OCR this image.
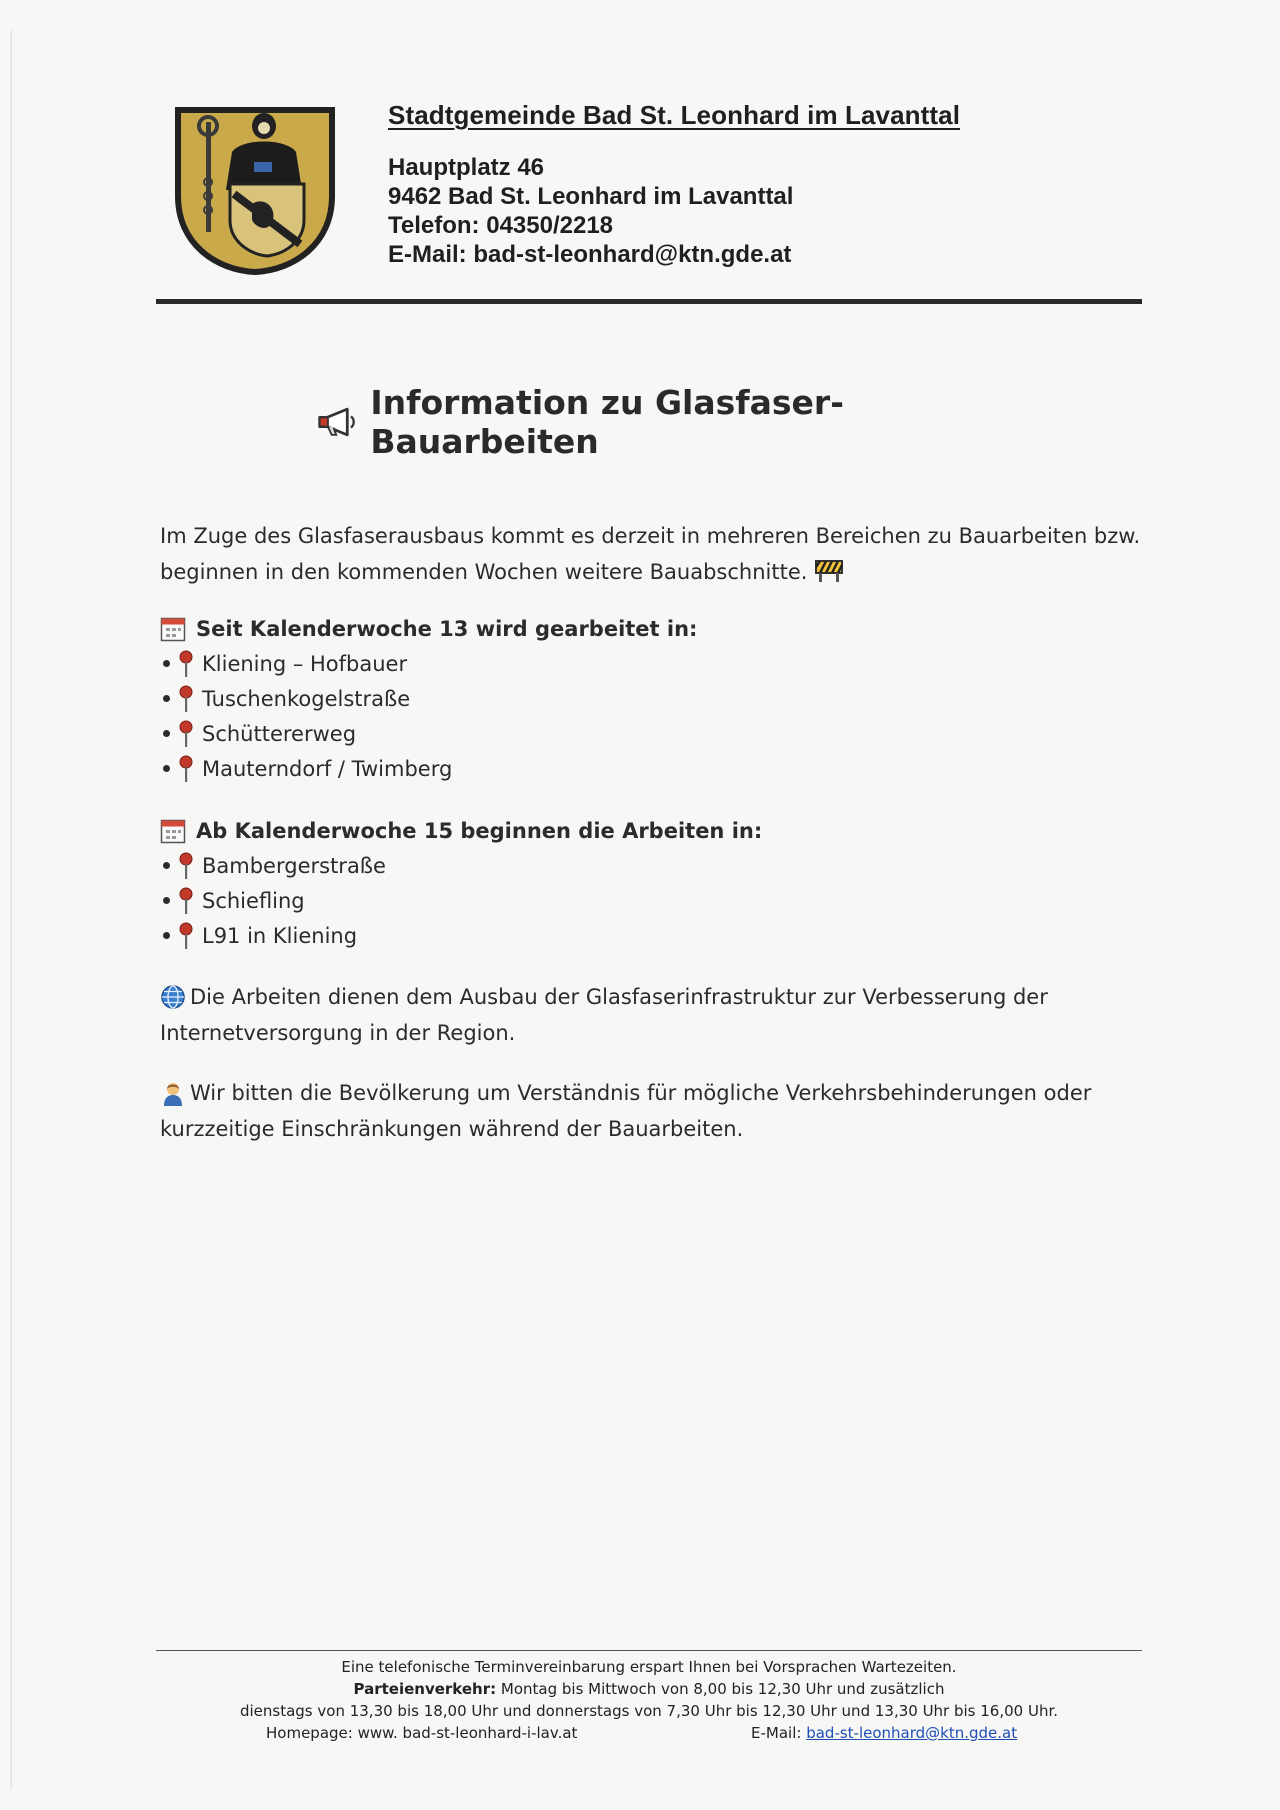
Stadtgemeinde Bad St. Leonhard im Lavanttal
Hauptplatz 46
9462 Bad St. Leonhard im Lavanttal
Telefon: 04350/2218
E-Mail: bad-st-leonhard@ktn.gde.at
Information zu Glasfaser-Bauarbeiten

Im Zuge des Glasfaserausbaus kommt es derzeit in mehreren Bereichen zu Bauarbeiten bzw.
beginnen in den kommenden Wochen weitere Bauabschnitte.

Seit Kalenderwoche 13 wird gearbeitet in:
Kliening – Hofbauer
Tuschenkogelstraße
Schüttererweg
Mauterndorf / Twimberg
Ab Kalenderwoche 15 beginnen die Arbeiten in:
Bambergerstraße
Schiefling
L91 in Kliening

Die Arbeiten dienen dem Ausbau der Glasfaserinfrastruktur zur Verbesserung der
Internetversorgung in der Region.

Wir bitten die Bevölkerung um Verständnis für mögliche Verkehrsbehinderungen oder
kurzzeitige Einschränkungen während der Bauarbeiten.

Eine telefonische Terminvereinbarung erspart Ihnen bei Vorsprachen Wartezeiten.
Parteienverkehr: Montag bis Mittwoch von 8,00 bis 12,30 Uhr und zusätzlich
dienstags von 13,30 bis 18,00 Uhr und donnerstags von 7,30 Uhr bis 12,30 Uhr und 13,30 Uhr bis 16,00 Uhr.
Homepage: www. bad-st-leonhard-i-lav.at	E-Mail: bad-st-leonhard@ktn.gde.at
